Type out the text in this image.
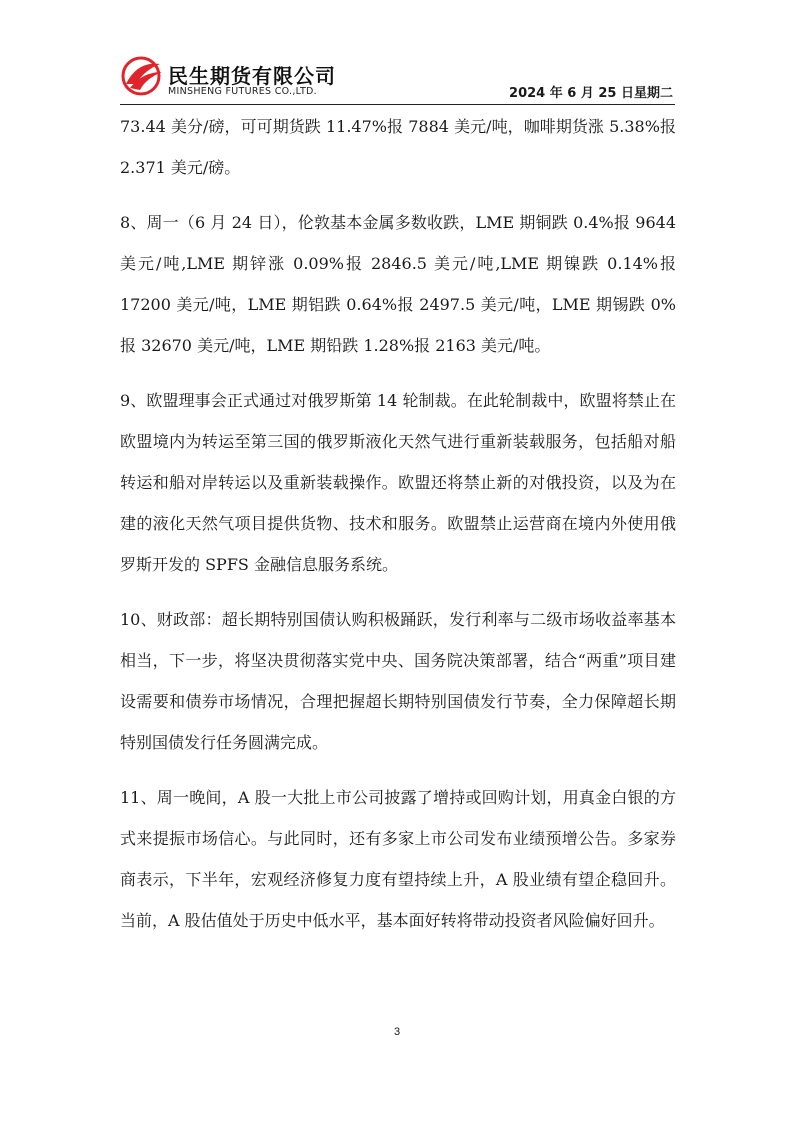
民生期货有限公司
MINSHENG FUTURES CO.,LTD.	2024 年 6 月 25 日星期二

73.44 美分/磅，可可期货跌 11.47%报 7884 美元/吨，咖啡期货涨 5.38%报 2.371 美元/磅。

8、周一（6 月 24 日），伦敦基本金属多数收跌，LME 期铜跌 0.4%报 9644 美元/吨,LME 期锌涨 0.09%报 2846.5 美元/吨,LME 期镍跌 0.14%报 17200 美元/吨，LME 期铝跌 0.64%报 2497.5 美元/吨，LME 期锡跌 0%报 32670 美元/吨，LME 期铅跌 1.28%报 2163 美元/吨。

9、欧盟理事会正式通过对俄罗斯第 14 轮制裁。在此轮制裁中，欧盟将禁止在欧盟境内为转运至第三国的俄罗斯液化天然气进行重新装载服务，包括船对船转运和船对岸转运以及重新装载操作。欧盟还将禁止新的对俄投资，以及为在建的液化天然气项目提供货物、技术和服务。欧盟禁止运营商在境内外使用俄罗斯开发的 SPFS 金融信息服务系统。

10、财政部：超长期特别国债认购积极踊跃，发行利率与二级市场收益率基本相当，下一步，将坚决贯彻落实党中央、国务院决策部署，结合“两重”项目建设需要和债券市场情况，合理把握超长期特别国债发行节奏，全力保障超长期特别国债发行任务圆满完成。

11、周一晚间，A 股一大批上市公司披露了增持或回购计划，用真金白银的方式来提振市场信心。与此同时，还有多家上市公司发布业绩预增公告。多家券商表示，下半年，宏观经济修复力度有望持续上升，A 股业绩有望企稳回升。当前，A 股估值处于历史中低水平，基本面好转将带动投资者风险偏好回升。

3
